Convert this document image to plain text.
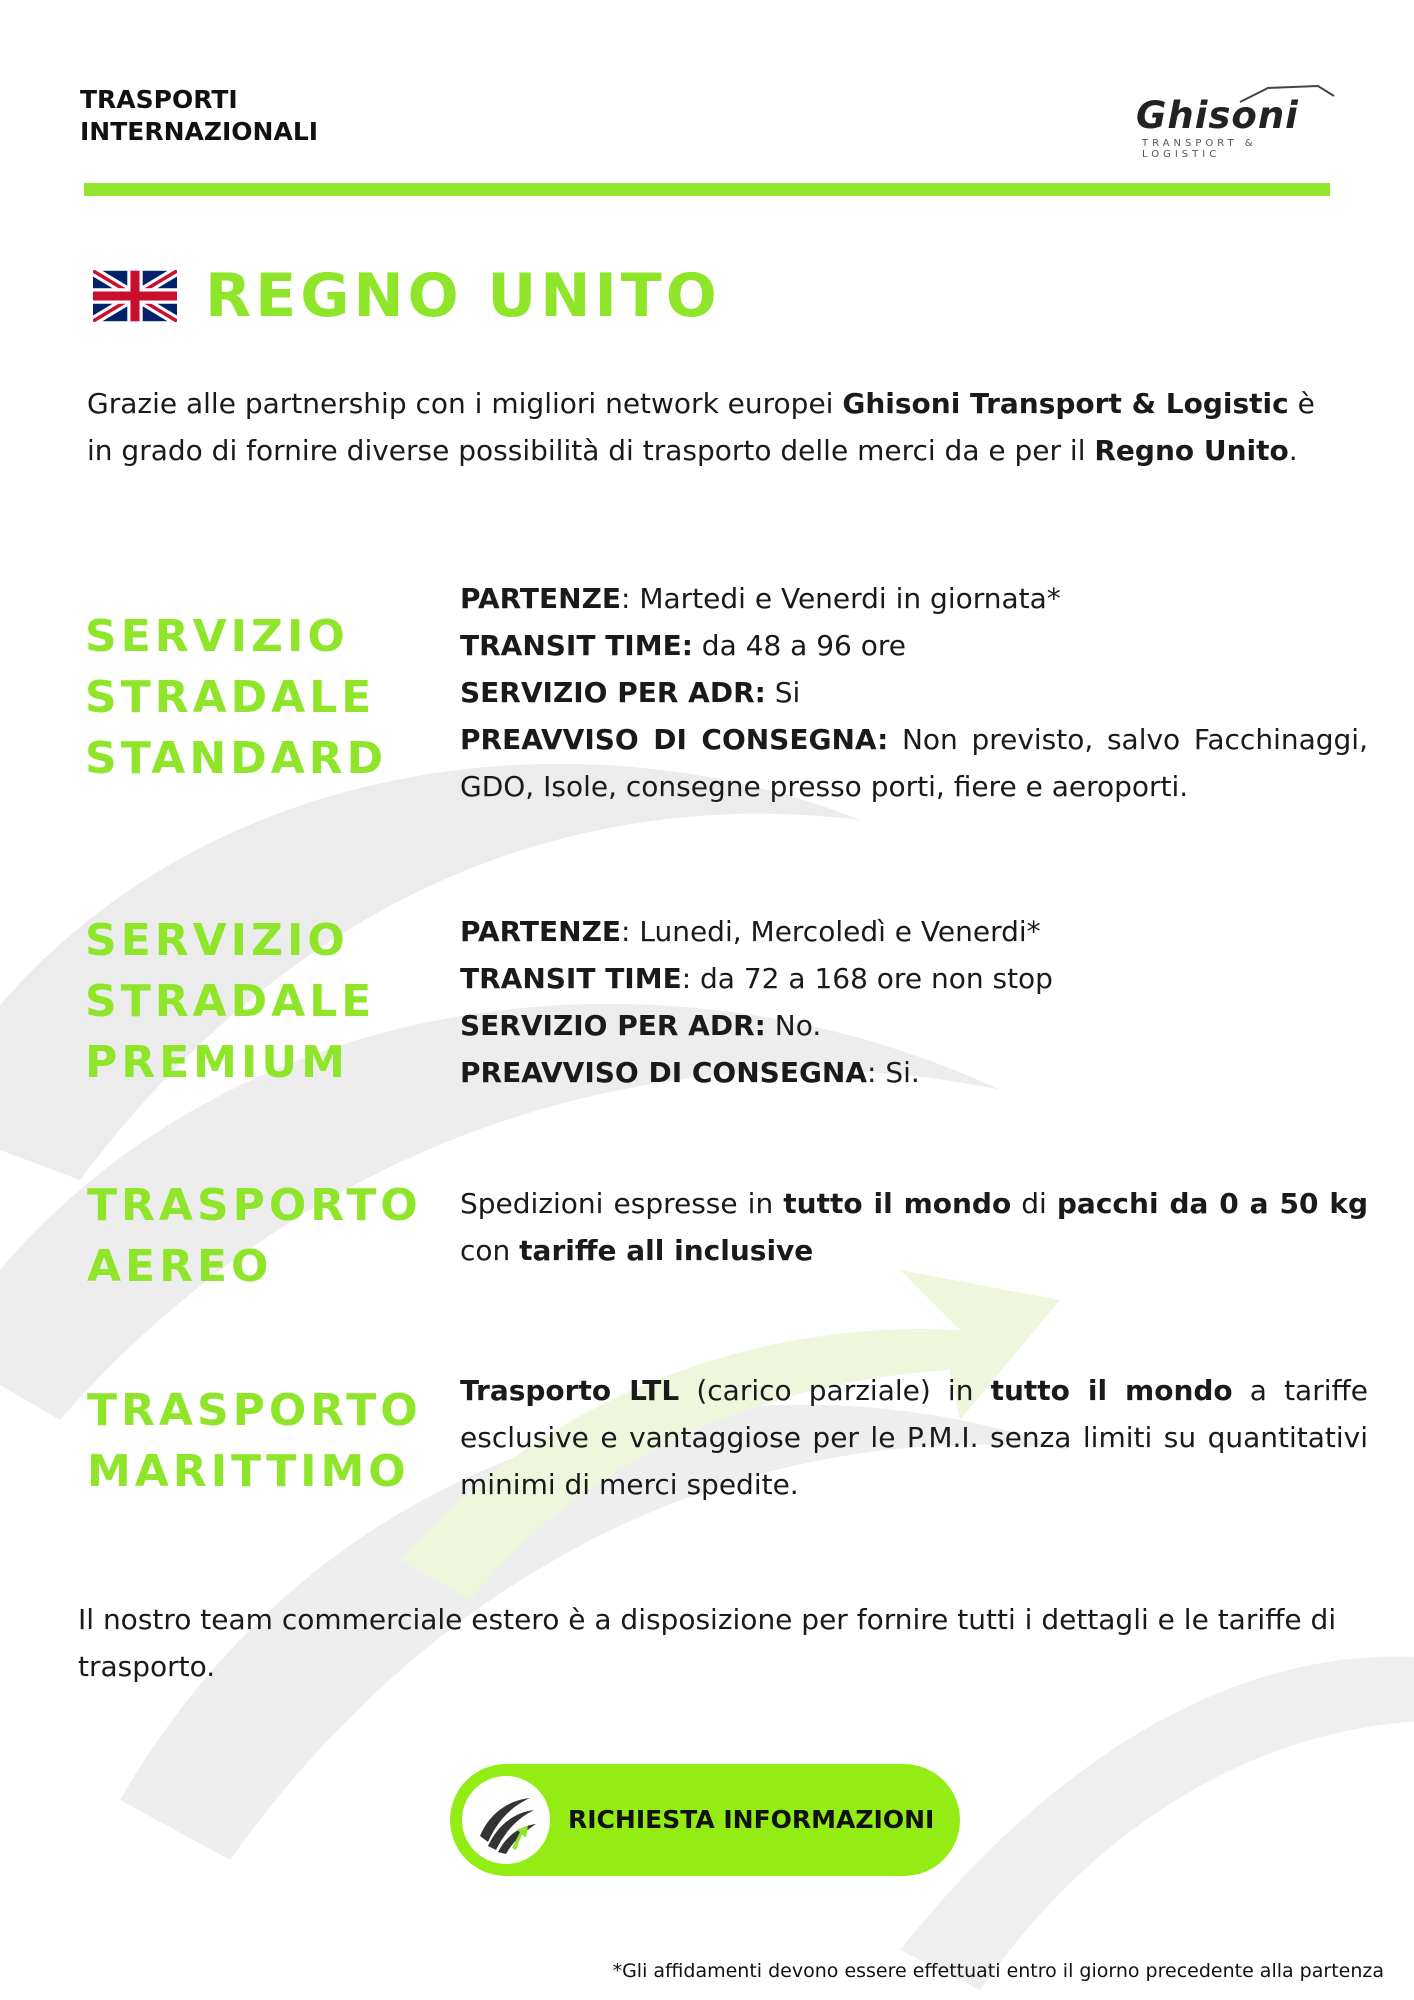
TRASPORTI
INTERNAZIONALI	Ghisoni
TRANSPORT & LOGISTIC
REGNO UNITO
Grazie alle partnership con i migliori network europei Ghisoni Transport & Logistic è in grado di fornire diverse possibilità di trasporto delle merci da e per il Regno Unito.
SERVIZIO
STRADALE
STANDARD
PARTENZE: Martedi e Venerdi in giornata*
TRANSIT TIME: da 48 a 96 ore
SERVIZIO PER ADR: Si
PREAVVISO DI CONSEGNA: Non previsto, salvo Facchinaggi, GDO, Isole, consegne presso porti, fiere e aeroporti.
SERVIZIO
STRADALE
PREMIUM
PARTENZE: Lunedi, Mercoledì e Venerdi*
TRANSIT TIME: da 72 a 168 ore non stop
SERVIZIO PER ADR: No.
PREAVVISO DI CONSEGNA: Si.
TRASPORTO
AEREO
Spedizioni espresse in tutto il mondo di pacchi da 0 a 50 kg con tariffe all inclusive
TRASPORTO
MARITTIMO
Trasporto LTL (carico parziale) in tutto il mondo a tariffe esclusive e vantaggiose per le P.M.I. senza limiti su quantitativi minimi di merci spedite.
Il nostro team commerciale estero è a disposizione per fornire tutti i dettagli e le tariffe di trasporto.
RICHIESTA INFORMAZIONI
*Gli affidamenti devono essere effettuati entro il giorno precedente alla partenza
